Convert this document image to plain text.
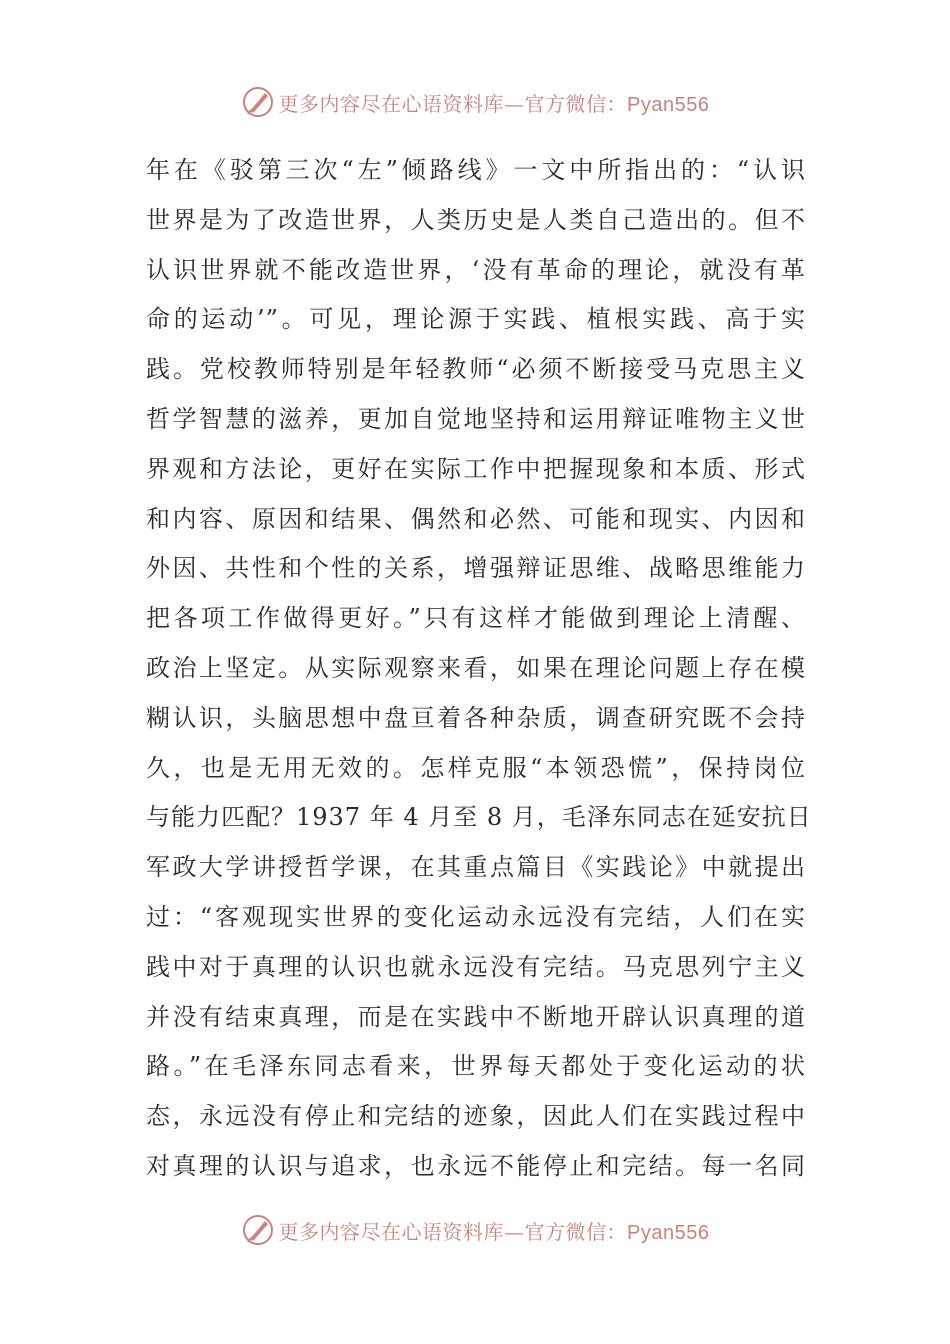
更多内容尽在心语资料库—官方微信：Pyan556
年在《驳第三次“左”倾路线》一文中所指出的：“认识
世界是为了改造世界，人类历史是人类自己造出的。但不
认识世界就不能改造世界，‘没有革命的理论，就没有革
命的运动’”。可见，理论源于实践、植根实践、高于实
践。党校教师特别是年轻教师“必须不断接受马克思主义
哲学智慧的滋养，更加自觉地坚持和运用辩证唯物主义世
界观和方法论，更好在实际工作中把握现象和本质、形式
和内容、原因和结果、偶然和必然、可能和现实、内因和
外因、共性和个性的关系，增强辩证思维、战略思维能力
把各项工作做得更好。”只有这样才能做到理论上清醒、
政治上坚定。从实际观察来看，如果在理论问题上存在模
糊认识，头脑思想中盘亘着各种杂质，调查研究既不会持
久，也是无用无效的。怎样克服“本领恐慌”，保持岗位
与能力匹配？1937 年 4 月至 8 月，毛泽东同志在延安抗日
军政大学讲授哲学课，在其重点篇目《实践论》中就提出
过：“客观现实世界的变化运动永远没有完结，人们在实
践中对于真理的认识也就永远没有完结。马克思列宁主义
并没有结束真理，而是在实践中不断地开辟认识真理的道
路。”在毛泽东同志看来，世界每天都处于变化运动的状
态，永远没有停止和完结的迹象，因此人们在实践过程中
对真理的认识与追求，也永远不能停止和完结。每一名同
更多内容尽在心语资料库—官方微信：Pyan556
